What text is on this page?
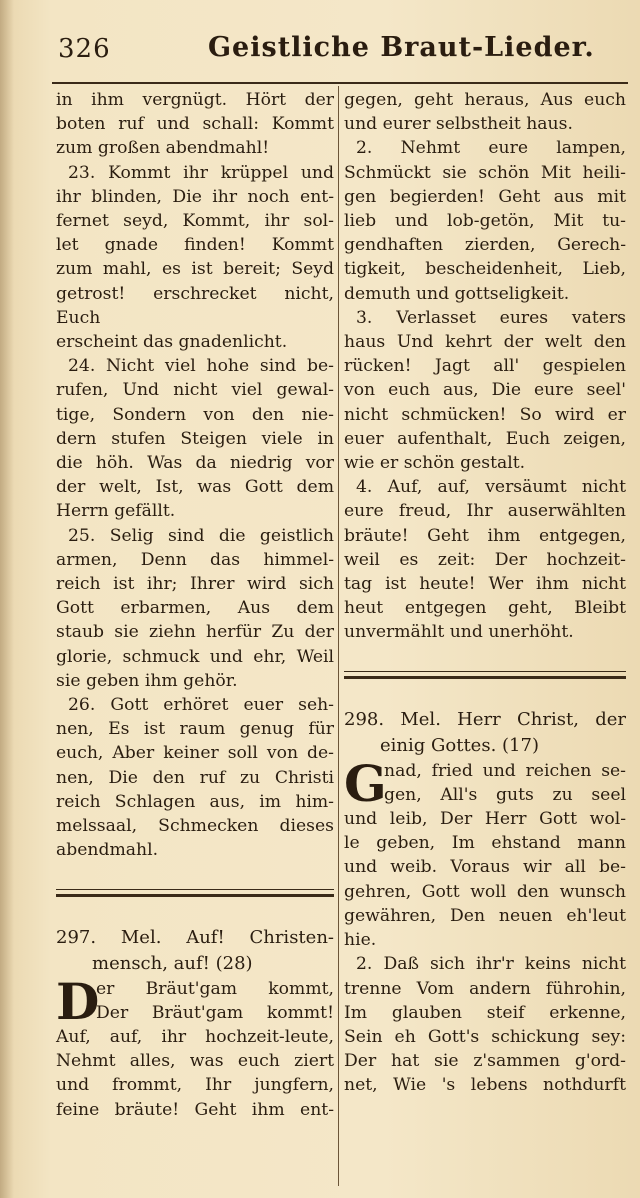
326	Geistliche Braut-Lieder.
in ihm vergnügt. Hört der
boten ruf und schall: Kommt
zum großen abendmahl!
23. Kommt ihr krüppel und
ihr blinden, Die ihr noch ent-
fernet seyd, Kommt, ihr sol-
let gnade finden! Kommt
zum mahl, es ist bereit; Seyd
getrost! erschrecket nicht, Euch
erscheint das gnadenlicht.
24. Nicht viel hohe sind be-
rufen, Und nicht viel gewal-
tige, Sondern von den nie-
dern stufen Steigen viele in
die höh. Was da niedrig vor
der welt, Ist, was Gott dem
Herrn gefällt.
25. Selig sind die geistlich
armen, Denn das himmel-
reich ist ihr; Ihrer wird sich
Gott erbarmen, Aus dem
staub sie ziehn herfür Zu der
glorie, schmuck und ehr, Weil
sie geben ihm gehör.
26. Gott erhöret euer seh-
nen, Es ist raum genug für
euch, Aber keiner soll von de-
nen, Die den ruf zu Christi
reich Schlagen aus, im him-
melssaal, Schmecken dieses
abendmahl.
297. Mel. Auf! Christen-
mensch, auf! (28)
D
er Bräut'gam kommt,
Der Bräut'gam kommt!
Auf, auf, ihr hochzeit-leute,
Nehmt alles, was euch ziert
und frommt, Ihr jungfern,
feine bräute! Geht ihm ent-
gegen, geht heraus, Aus euch
und eurer selbstheit haus.
2. Nehmt eure lampen,
Schmückt sie schön Mit heili-
gen begierden! Geht aus mit
lieb und lob-getön, Mit tu-
gendhaften zierden, Gerech-
tigkeit, bescheidenheit, Lieb,
demuth und gottseligkeit.
3. Verlasset eures vaters
haus Und kehrt der welt den
rücken! Jagt all' gespielen
von euch aus, Die eure seel'
nicht schmücken! So wird er
euer aufenthalt, Euch zeigen,
wie er schön gestalt.
4. Auf, auf, versäumt nicht
eure freud, Ihr auserwählten
bräute! Geht ihm entgegen,
weil es zeit: Der hochzeit-
tag ist heute! Wer ihm nicht
heut entgegen geht, Bleibt
unvermählt und unerhöht.
298. Mel. Herr Christ, der
einig Gottes. (17)
G
nad, fried und reichen se-
gen, All's guts zu seel
und leib, Der Herr Gott wol-
le geben, Im ehstand mann
und weib. Voraus wir all be-
gehren, Gott woll den wunsch
gewähren, Den neuen eh'leut
hie.
2. Daß sich ihr'r keins nicht
trenne Vom andern führohin,
Im glauben steif erkenne,
Sein eh Gott's schickung sey:
Der hat sie z'sammen g'ord-
net, Wie 's lebens nothdurft
